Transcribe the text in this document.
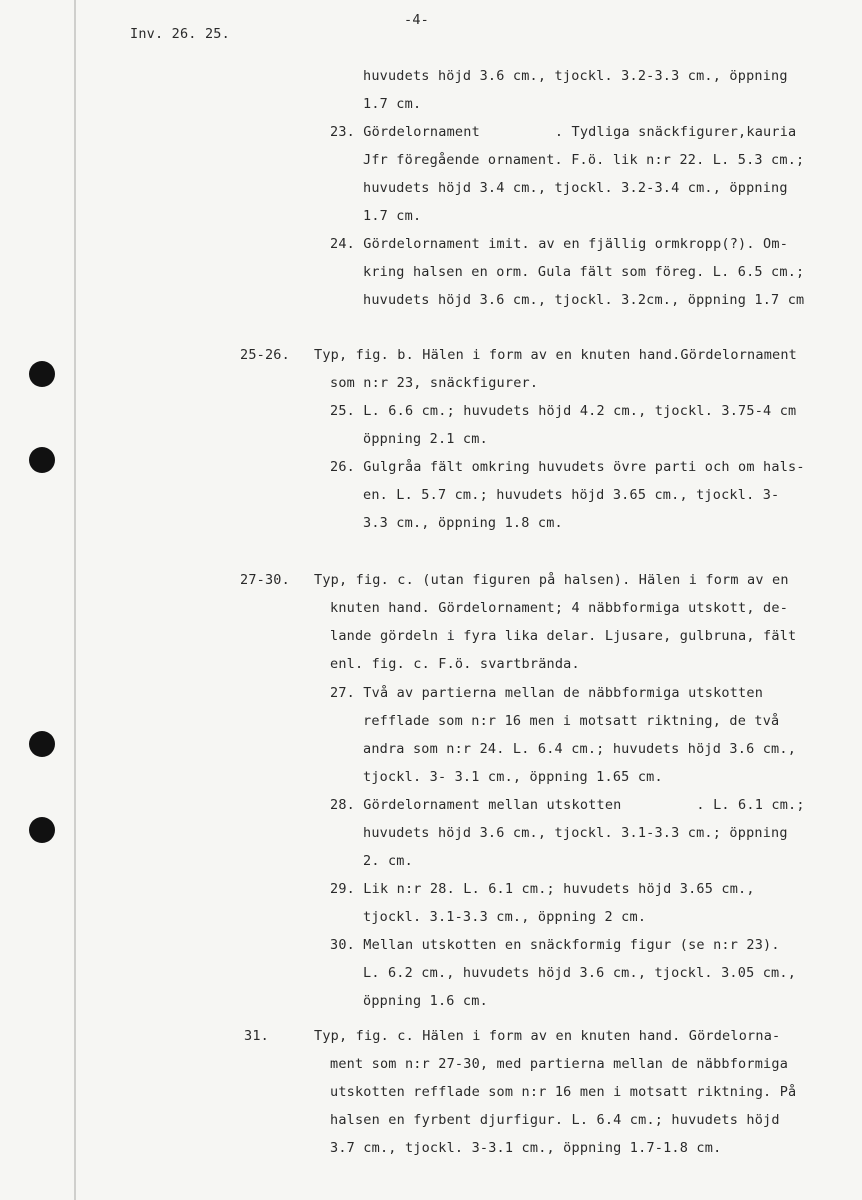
Inv. 26. 25.
-4-
huvudets höjd 3.6 cm., tjockl. 3.2-3.3 cm., öppning
1.7 cm.
23. Gördelornament         . Tydliga snäckfigurer,kauria
Jfr föregående ornament. F.ö. lik n:r 22. L. 5.3 cm.;
huvudets höjd 3.4 cm., tjockl. 3.2-3.4 cm., öppning
1.7 cm.
24. Gördelornament imit. av en fjällig ormkropp(?). Om-
kring halsen en orm. Gula fält som föreg. L. 6.5 cm.;
huvudets höjd 3.6 cm., tjockl. 3.2cm., öppning 1.7 cm
25-26. Typ, fig. b. Hälen i form av en knuten hand.Gördelornament
som n:r 23, snäckfigurer.
25. L. 6.6 cm.; huvudets höjd 4.2 cm., tjockl. 3.75-4 cm
öppning 2.1 cm.
26. Gulgråa fält omkring huvudets övre parti och om hals-
en. L. 5.7 cm.; huvudets höjd 3.65 cm., tjockl. 3-
3.3 cm., öppning 1.8 cm.
27-30. Typ, fig. c. (utan figuren på halsen). Hälen i form av en
knuten hand. Gördelornament; 4 näbbformiga utskott, de-
lande gördeln i fyra lika delar. Ljusare, gulbruna, fält
enl. fig. c. F.ö. svartbrända.
27. Två av partierna mellan de näbbformiga utskotten
refflade som n:r 16 men i motsatt riktning, de två
andra som n:r 24. L. 6.4 cm.; huvudets höjd 3.6 cm.,
tjockl. 3- 3.1 cm., öppning 1.65 cm.
28. Gördelornament mellan utskotten         . L. 6.1 cm.;
huvudets höjd 3.6 cm., tjockl. 3.1-3.3 cm.; öppning
2. cm.
29. Lik n:r 28. L. 6.1 cm.; huvudets höjd 3.65 cm.,
tjockl. 3.1-3.3 cm., öppning 2 cm.
30. Mellan utskotten en snäckformig figur (se n:r 23).
L. 6.2 cm., huvudets höjd 3.6 cm., tjockl. 3.05 cm.,
öppning 1.6 cm.
31.	Typ, fig. c. Hälen i form av en knuten hand. Gördelorna-
ment som n:r 27-30, med partierna mellan de näbbformiga
utskotten refflade som n:r 16 men i motsatt riktning. På
halsen en fyrbent djurfigur. L. 6.4 cm.; huvudets höjd
3.7 cm., tjockl. 3-3.1 cm., öppning 1.7-1.8 cm.
